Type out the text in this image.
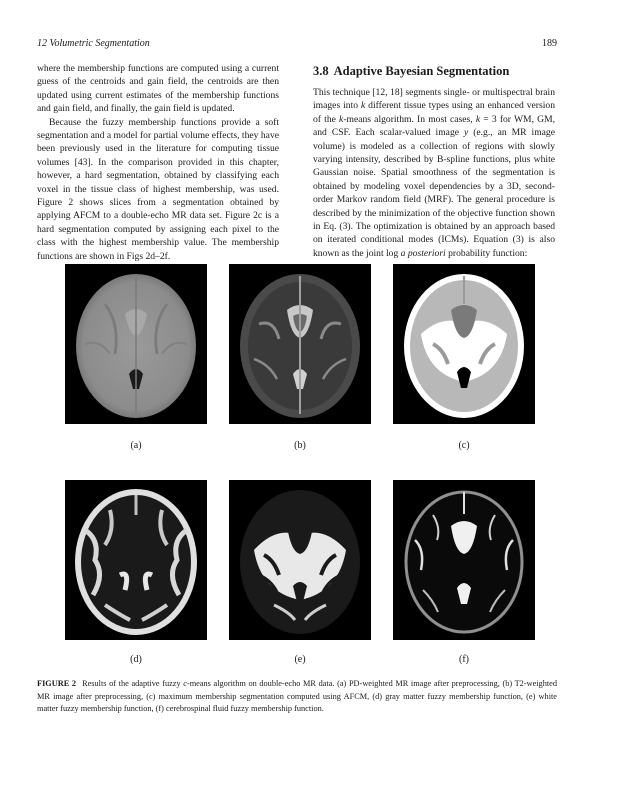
12 Volumetric Segmentation	189

where the membership functions are computed using a current guess of the centroids and gain field, the centroids are then updated using current estimates of the membership functions and gain field, and finally, the gain field is updated.

Because the fuzzy membership functions provide a soft segmentation and a model for partial volume effects, they have been previously used in the literature for computing tissue volumes [43]. In the comparison provided in this chapter, however, a hard segmentation, obtained by classifying each voxel in the tissue class of highest membership, was used. Figure 2 shows slices from a segmentation obtained by applying AFCM to a double-echo MR data set. Figure 2c is a hard segmentation computed by assigning each pixel to the class with the highest membership value. The membership functions are shown in Figs 2d–2f.

3.8 Adaptive Bayesian Segmentation

This technique [12, 18] segments single- or multispectral brain images into k different tissue types using an enhanced version of the k-means algorithm. In most cases, k = 3 for WM, GM, and CSF. Each scalar-valued image y (e.g., an MR image volume) is modeled as a collection of regions with slowly varying intensity, described by B-spline functions, plus white Gaussian noise. Spatial smoothness of the segmentation is obtained by modeling voxel dependencies by a 3D, second-order Markov random field (MRF). The general procedure is described by the minimization of the objective function shown in Eq. (3). The optimization is obtained by an approach based on iterated conditional modes (ICMs). Equation (3) is also known as the joint log a posteriori probability function:

(a)	(b)	(c)
(d)	(e)	(f)
FIGURE 2 Results of the adaptive fuzzy c-means algorithm on double-echo MR data. (a) PD-weighted MR image after preprocessing, (b) T2-weighted MR image after preprocessing, (c) maximum membership segmentation computed using AFCM, (d) gray matter fuzzy membership function, (e) white matter fuzzy membership function, (f) cerebrospinal fluid fuzzy membership function.
